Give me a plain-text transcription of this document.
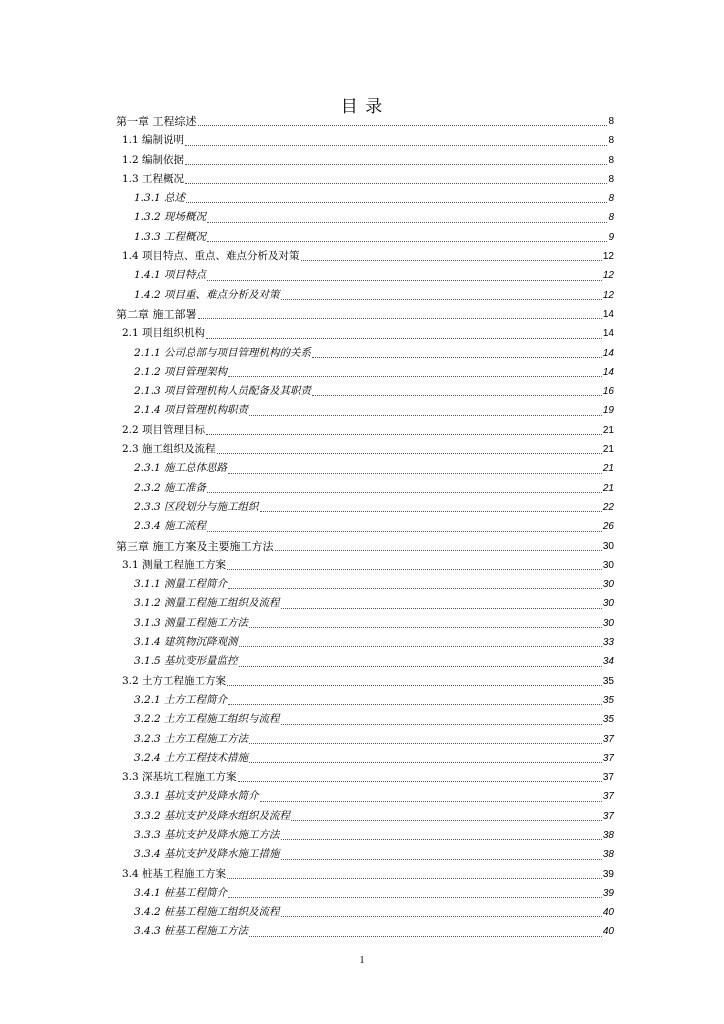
目 录
第一章 工程综述	8
1.1 编制说明	8
1.2 编制依据	8
1.3 工程概况	8
1.3.1 总述	8
1.3.2 现场概况	8
1.3.3 工程概况	9
1.4 项目特点、重点、难点分析及对策	12
1.4.1 项目特点	12
1.4.2 项目重、难点分析及对策	12
第二章 施工部署	14
2.1 项目组织机构	14
2.1.1 公司总部与项目管理机构的关系	14
2.1.2 项目管理架构	14
2.1.3 项目管理机构人员配备及其职责	16
2.1.4 项目管理机构职责	19
2.2 项目管理目标	21
2.3 施工组织及流程	21
2.3.1 施工总体思路	21
2.3.2 施工准备	21
2.3.3 区段划分与施工组织	22
2.3.4 施工流程	26
第三章 施工方案及主要施工方法	30
3.1 测量工程施工方案	30
3.1.1 测量工程简介	30
3.1.2 测量工程施工组织及流程	30
3.1.3 测量工程施工方法	30
3.1.4 建筑物沉降观测	33
3.1.5 基坑变形量监控	34
3.2 土方工程施工方案	35
3.2.1 土方工程简介	35
3.2.2 土方工程施工组织与流程	35
3.2.3 土方工程施工方法	37
3.2.4 土方工程技术措施	37
3.3 深基坑工程施工方案	37
3.3.1 基坑支护及降水简介	37
3.3.2 基坑支护及降水组织及流程	37
3.3.3 基坑支护及降水施工方法	38
3.3.4 基坑支护及降水施工措施	38
3.4 桩基工程施工方案	39
3.4.1 桩基工程简介	39
3.4.2 桩基工程施工组织及流程	40
3.4.3 桩基工程施工方法	40
1
